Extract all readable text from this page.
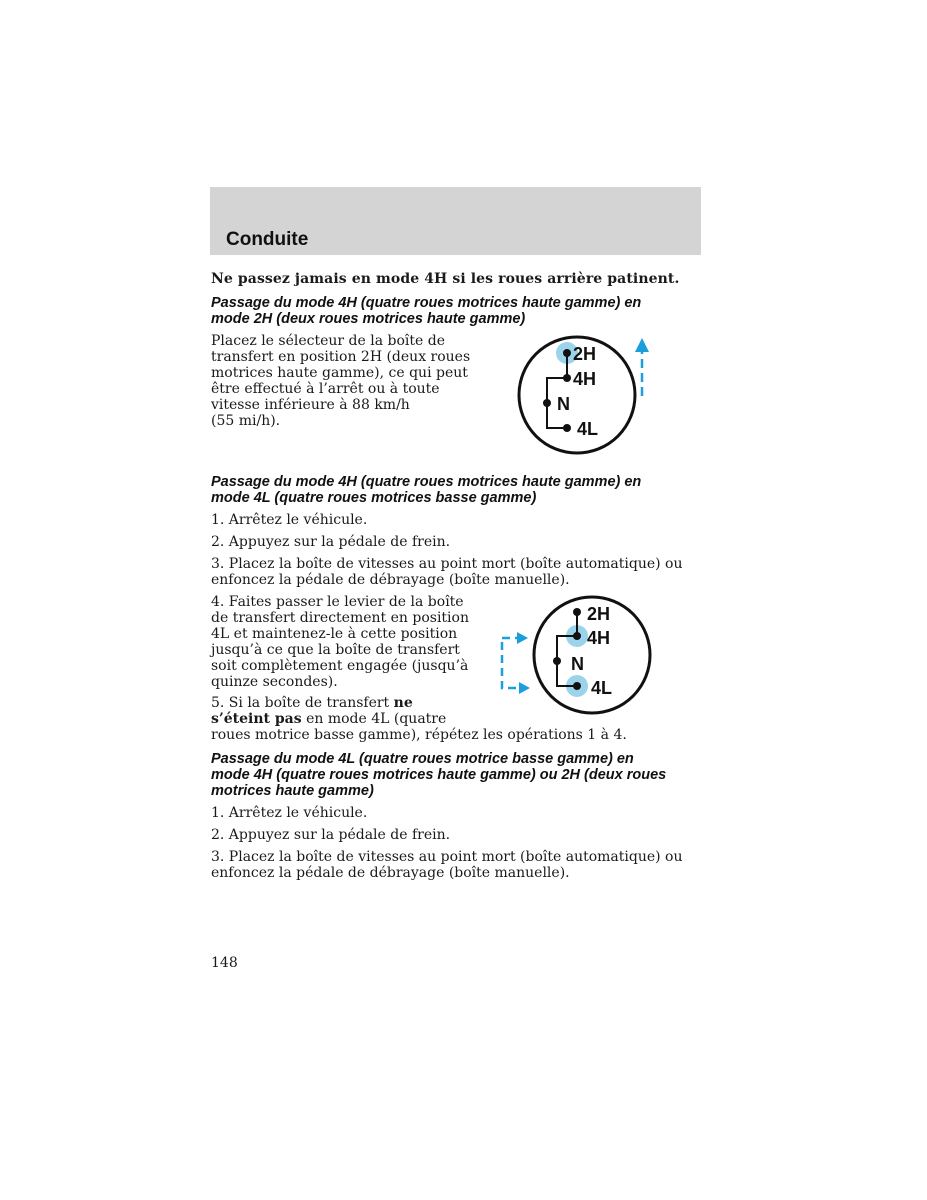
Conduite
Ne passez jamais en mode 4H si les roues arrière patinent.
Passage du mode 4H (quatre roues motrices haute gamme) en
mode 2H (deux roues motrices haute gamme)

Placez le sélecteur de la boîte de

transfert en position 2H (deux roues

motrices haute gamme), ce qui peut

être effectué à l’arrêt ou à toute

vitesse inférieure à 88 km/h

(55 mi/h).

2H
4H
N
4L
Passage du mode 4H (quatre roues motrices haute gamme) en
mode 4L (quatre roues motrices basse gamme)

1. Arrêtez le véhicule.

2. Appuyez sur la pédale de frein.

3. Placez la boîte de vitesses au point mort (boîte automatique) ou
enfoncez la pédale de débrayage (boîte manuelle).

4. Faites passer le levier de la boîte
de transfert directement en position
4L et maintenez-le à cette position
jusqu’à ce que la boîte de transfert
soit complètement engagée (jusqu’à
quinze secondes).

5. Si la boîte de transfert ne
s’éteint pas en mode 4L (quatre
roues motrice basse gamme), répétez les opérations 1 à 4.

2H
4H
N
4L
Passage du mode 4L (quatre roues motrice basse gamme) en
mode 4H (quatre roues motrices haute gamme) ou 2H (deux roues
motrices haute gamme)

1. Arrêtez le véhicule.

2. Appuyez sur la pédale de frein.

3. Placez la boîte de vitesses au point mort (boîte automatique) ou
enfoncez la pédale de débrayage (boîte manuelle).

148
